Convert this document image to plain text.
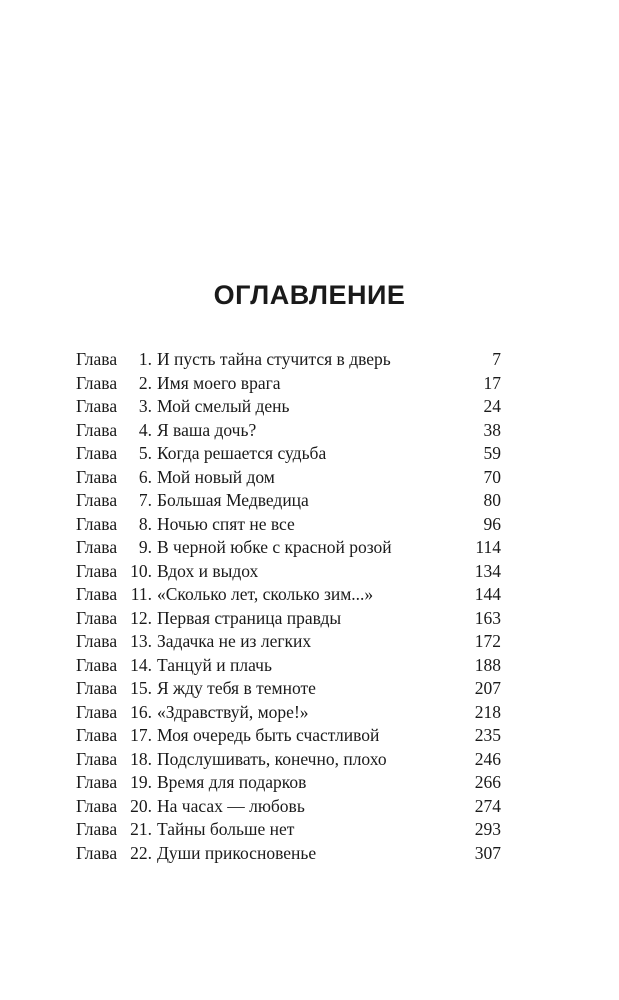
ОГЛАВЛЕНИЕ
Глава	1. И пусть тайна стучится в дверь	7
Глава	2. Имя моего врага	17
Глава	3. Мой смелый день	24
Глава	4. Я ваша дочь?	38
Глава	5. Когда решается судьба	59
Глава	6. Мой новый дом	70
Глава	7. Большая Медведица	80
Глава	8. Ночью спят не все	96
Глава	9. В черной юбке с красной розой	114
Глава 10. Вдох и выдох	134
Глава 11. «Сколько лет, сколько зим...»	144
Глава 12. Первая страница правды	163
Глава 13. Задачка не из легких	172
Глава 14. Танцуй и плачь	188
Глава 15. Я жду тебя в темноте	207
Глава 16. «Здравствуй, море!»	218
Глава 17. Моя очередь быть счастливой	235
Глава 18. Подслушивать, конечно, плохо	246
Глава 19. Время для подарков	266
Глава 20. На часах — любовь	274
Глава 21. Тайны больше нет	293
Глава 22. Души прикосновенье	307
